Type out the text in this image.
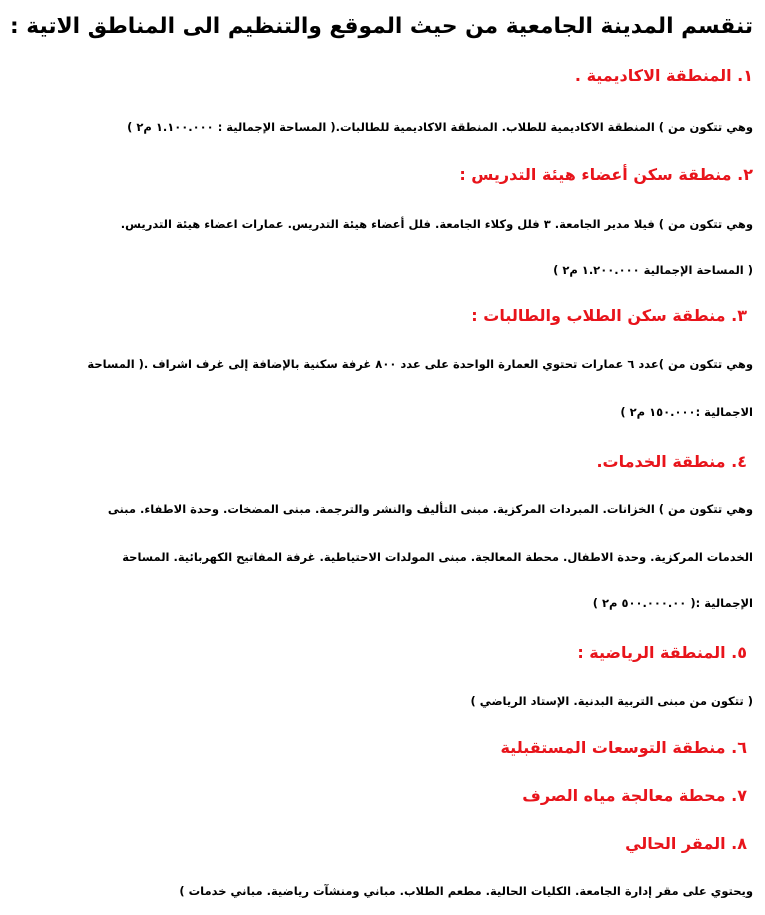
تنقسم المدينة الجامعية من حيث الموقع والتنظيم الى المناطق الاتية :
١. المنطقة الاكاديمية .
وهي تتكون من ) المنطقة الاكاديمية للطلاب. المنطقة الاكاديمية للطالبات.( المساحة الإجمالية : ١.١٠٠.٠٠٠ م٢ )
٢. منطقة سكن أعضاء هيئة التدريس :
وهي تتكون من ) فيلا مدير الجامعة. ٣ فلل وكلاء الجامعة. فلل أعضاء هيئة التدريس. عمارات اعضاء هيئة التدريس.
( المساحة الإجمالية ١.٢٠٠.٠٠٠ م٢ )
٣. منطقة سكن الطلاب والطالبات :
وهي تتكون من )عدد ٦ عمارات تحتوي العمارة الواحدة على عدد ٨٠٠ غرفة سكنية بالإضافة إلى غرف اشراف .( المساحة
الاجمالية :١٥٠.٠٠٠ م٢ )
٤. منطقة الخدمات.
وهي تتكون من ) الخزانات. المبردات المركزية. مبنى التأليف والنشر والترجمة. مبنى المضخات. وحدة الاطفاء. مبنى
الخدمات المركزية. وحدة الاطفال. محطة المعالجة. مبنى المولدات الاحتياطية. غرفة المفاتيح الكهربائية. المساحة
الإجمالية :( ٥٠٠.٠٠٠.٠٠ م٢ )
٥. المنطقة الرياضية :
( تتكون من مبنى التربية البدنية. الإستاد الرياضي )
٦. منطقة التوسعات المستقبلية
٧. محطة معالجة مياه الصرف
٨. المقر الحالي
ويحتوي على مقر إدارة الجامعة. الكليات الحالية. مطعم الطلاب. مباني ومنشآت رياضية. مباني خدمات )
